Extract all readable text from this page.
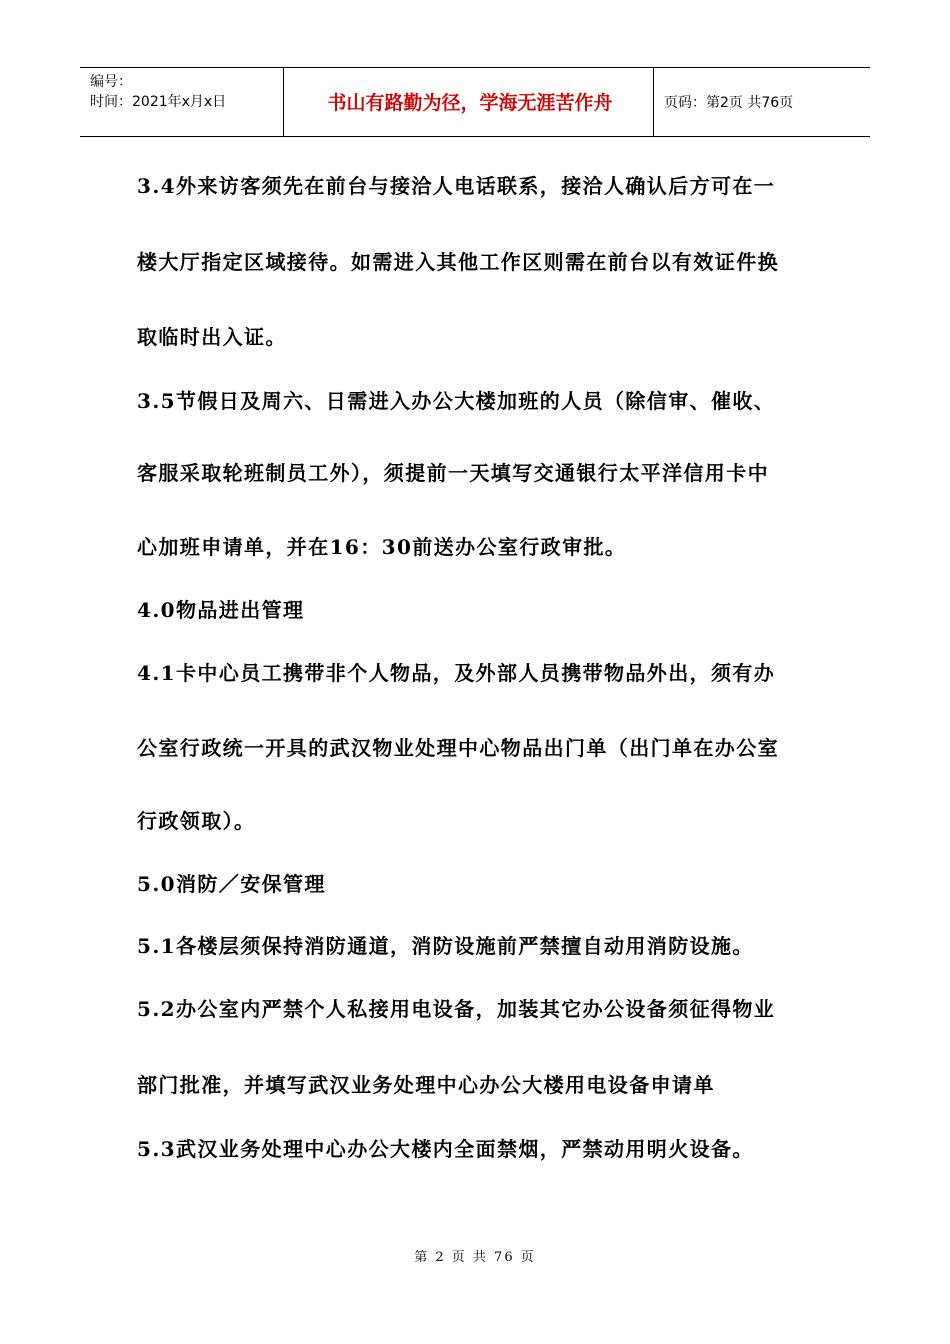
编号：
时间：2021年x月x日	书山有路勤为径，学海无涯苦作舟	页码：第2页 共76页
3.4外来访客须先在前台与接洽人电话联系，接洽人确认后方可在一
楼大厅指定区域接待。如需进入其他工作区则需在前台以有效证件换
取临时出入证。
3.5节假日及周六、日需进入办公大楼加班的人员（除信审、催收、
客服采取轮班制员工外），须提前一天填写交通银行太平洋信用卡中
心加班申请单，并在16：30前送办公室行政审批。
4.0物品进出管理
4.1卡中心员工携带非个人物品，及外部人员携带物品外出，须有办
公室行政统一开具的武汉物业处理中心物品出门单（出门单在办公室
行政领取）。
5.0消防／安保管理
5.1各楼层须保持消防通道，消防设施前严禁擅自动用消防设施。
5.2办公室内严禁个人私接用电设备，加装其它办公设备须征得物业
部门批准，并填写武汉业务处理中心办公大楼用电设备申请单
5.3武汉业务处理中心办公大楼内全面禁烟，严禁动用明火设备。
第 2 页 共 76 页
